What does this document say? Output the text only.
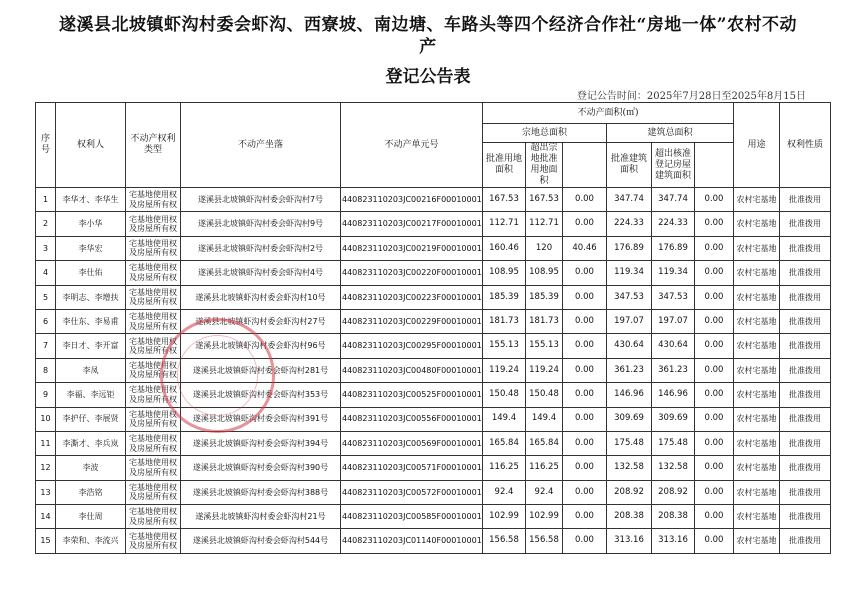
遂溪县北坡镇虾沟村委会虾沟、西寮坡、南边塘、车路头等四个经济合作社“房地一体”农村不动
产
登记公告表
登记公告时间：2025年7月28日至2025年8月15日
序号	权利人	不动产权利类型	不动产坐落	不动产单元号	不动产面积(㎡)						用途	权利性质
					宗地总面积			建筑总面积				
					批准用地面积	超出宗地批准用地面积		批准建筑面积	超出核准登记房屋建筑面积			
1	李华才、李华生	宅基地使用权及房屋所有权	遂溪县北坡镇虾沟村委会虾沟村7号	440823110203JC00216F00010001	167.53	167.53	0.00	347.74	347.74	0.00	农村宅基地	批准拨用
2	李小华	宅基地使用权及房屋所有权	遂溪县北坡镇虾沟村委会虾沟村9号	440823110203JC00217F00010001	112.71	112.71	0.00	224.33	224.33	0.00	农村宅基地	批准拨用
3	李华宏	宅基地使用权及房屋所有权	遂溪县北坡镇虾沟村委会虾沟村2号	440823110203JC00219F00010001	160.46	120	40.46	176.89	176.89	0.00	农村宅基地	批准拨用
4	李仕佑	宅基地使用权及房屋所有权	遂溪县北坡镇虾沟村委会虾沟村4号	440823110203JC00220F00010001	108.95	108.95	0.00	119.34	119.34	0.00	农村宅基地	批准拨用
5	李明志、李增扶	宅基地使用权及房屋所有权	遂溪县北坡镇虾沟村委会虾沟村10号	440823110203JC00223F00010001	185.39	185.39	0.00	347.53	347.53	0.00	农村宅基地	批准拨用
6	李仕东、李易甫	宅基地使用权及房屋所有权	遂溪县北坡镇虾沟村委会虾沟村27号	440823110203JC00229F00010001	181.73	181.73	0.00	197.07	197.07	0.00	农村宅基地	批准拨用
7	李日才、李开富	宅基地使用权及房屋所有权	遂溪县北坡镇虾沟村委会虾沟村96号	440823110203JC00295F00010001	155.13	155.13	0.00	430.64	430.64	0.00	农村宅基地	批准拨用
8	李凤	宅基地使用权及房屋所有权	遂溪县北坡镇虾沟村委会虾沟村281号	440823110203JC00480F00010001	119.24	119.24	0.00	361.23	361.23	0.00	农村宅基地	批准拨用
9	李福、李远钜	宅基地使用权及房屋所有权	遂溪县北坡镇虾沟村委会虾沟村353号	440823110203JC00525F00010001	150.48	150.48	0.00	146.96	146.96	0.00	农村宅基地	批准拨用
10	李护仔、李展贤	宅基地使用权及房屋所有权	遂溪县北坡镇虾沟村委会虾沟村391号	440823110203JC00556F00010001	149.4	149.4	0.00	309.69	309.69	0.00	农村宅基地	批准拨用
11	李澌才、李兵岚	宅基地使用权及房屋所有权	遂溪县北坡镇虾沟村委会虾沟村394号	440823110203JC00569F00010001	165.84	165.84	0.00	175.48	175.48	0.00	农村宅基地	批准拨用
12	李波	宅基地使用权及房屋所有权	遂溪县北坡镇虾沟村委会虾沟村390号	440823110203JC00571F00010001	116.25	116.25	0.00	132.58	132.58	0.00	农村宅基地	批准拨用
13	李浩铭	宅基地使用权及房屋所有权	遂溪县北坡镇虾沟村委会虾沟村388号	440823110203JC00572F00010001	92.4	92.4	0.00	208.92	208.92	0.00	农村宅基地	批准拨用
14	李仕周	宅基地使用权及房屋所有权	遂溪县北坡镇虾沟村委会虾沟村21号	440823110203JC00585F00010001	102.99	102.99	0.00	208.38	208.38	0.00	农村宅基地	批准拨用
15	李荣和、李流兴	宅基地使用权及房屋所有权	遂溪县北坡镇虾沟村委会虾沟村544号	440823110203JC01140F00010001	156.58	156.58	0.00	313.16	313.16	0.00	农村宅基地	批准拨用
